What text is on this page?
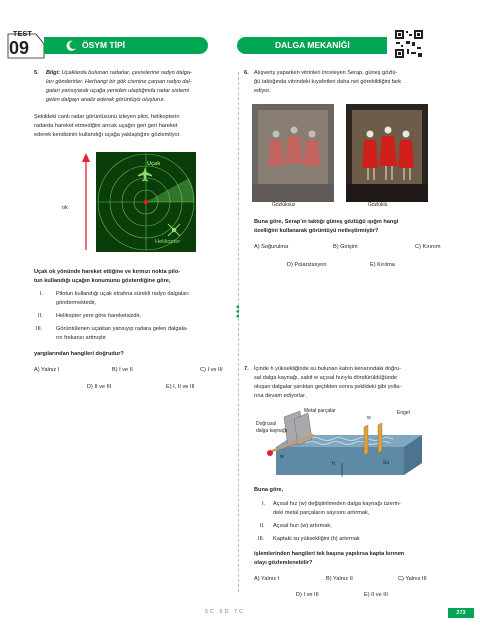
TEST
09	ÖSYM TİPİ	DALGA MEKANİĞİ
5. Bilgi: Uçaklarda bulunan radarlar, çevrelerine radyo dalga-
ları gönderirler. Herhangi bir gök cismine çarpan radyo dal-
gaları yansıyarak uçağa yeniden ulaştığında radar sistemi
gelen dalgayı analiz ederek görüntüyü oluşturur.
Şekildeki canlı radar görüntüsünü izleyen pilot, helikopterin
radarda hareket etmediğini ancak uçağın geri geri hareket
ederek kendisinin kullandığı uçağa yaklaştığını gözlemliyor.
Uçak
ok
Helikopter
Uçak ok yönünde hareket ettiğine ve kırmızı nokta pilo-
tun kullandığı uçağın konumunu gösterdiğine göre,
I. Pilotun kullandığı uçak etrafına sürekli radyo dalgaları
göndermektedir,
II. Helikopter yere göre hareketsizdir,
III. Görüntülenen uçaktan yansıyıp radara gelen dalgala-
rın frekansı artmıştır
yargılarından hangileri doğrudur?
A) Yalnız I	B) I ve II	C) I ve III
D) II ve III	E) I, II ve III
6. Alışveriş yaparken vitrinleri inceleyen Serap, güneş gözlü-
ğü taktığında vitrindeki kıyafetleri daha net görebildiğini fark
ediyor.
Gözlüksüz	Gözlüklü
Buna göre, Serap'ın taktığı güneş gözlüğü ışığın hangi
özelliğini kullanarak görüntüyü netleştirmiştir?
A) Soğurulma	B) Girişim	C) Kırınım
D) Polarizasyon	E) Kırılma
◆ ◆ ◆
7. İçinde h yüksekliğinde su bulunan kabın kenarındaki doğru-
sal dalga kaynağı, sabit w açısal hızıyla döndürüldüğünde
oluşan dalgalar yarıktan geçtikten sonra şekildeki gibi yolla-
rına devam ediyorlar.
Metal parçalar
Doğrusal
dalga kaynağı
Engel
w
w
h	Su
Buna göre,
I. Açısal hız (w) değiştirilmeden dalga kaynağı üzerin-
deki metal parçaların sayısını artırmak,
II. Açısal hızı (w) artırmak,
III. Kaptaki su yüksekliğini (h) artırmak
işlemlerinden hangileri tek başına yapılırsa kapta kırınım
olayı gözlemlenebilir?
A) Yalnız I	B) Yalnız II	C) Yalnız III
D) I ve III	E) II ve III
5C 6D 7C	273
